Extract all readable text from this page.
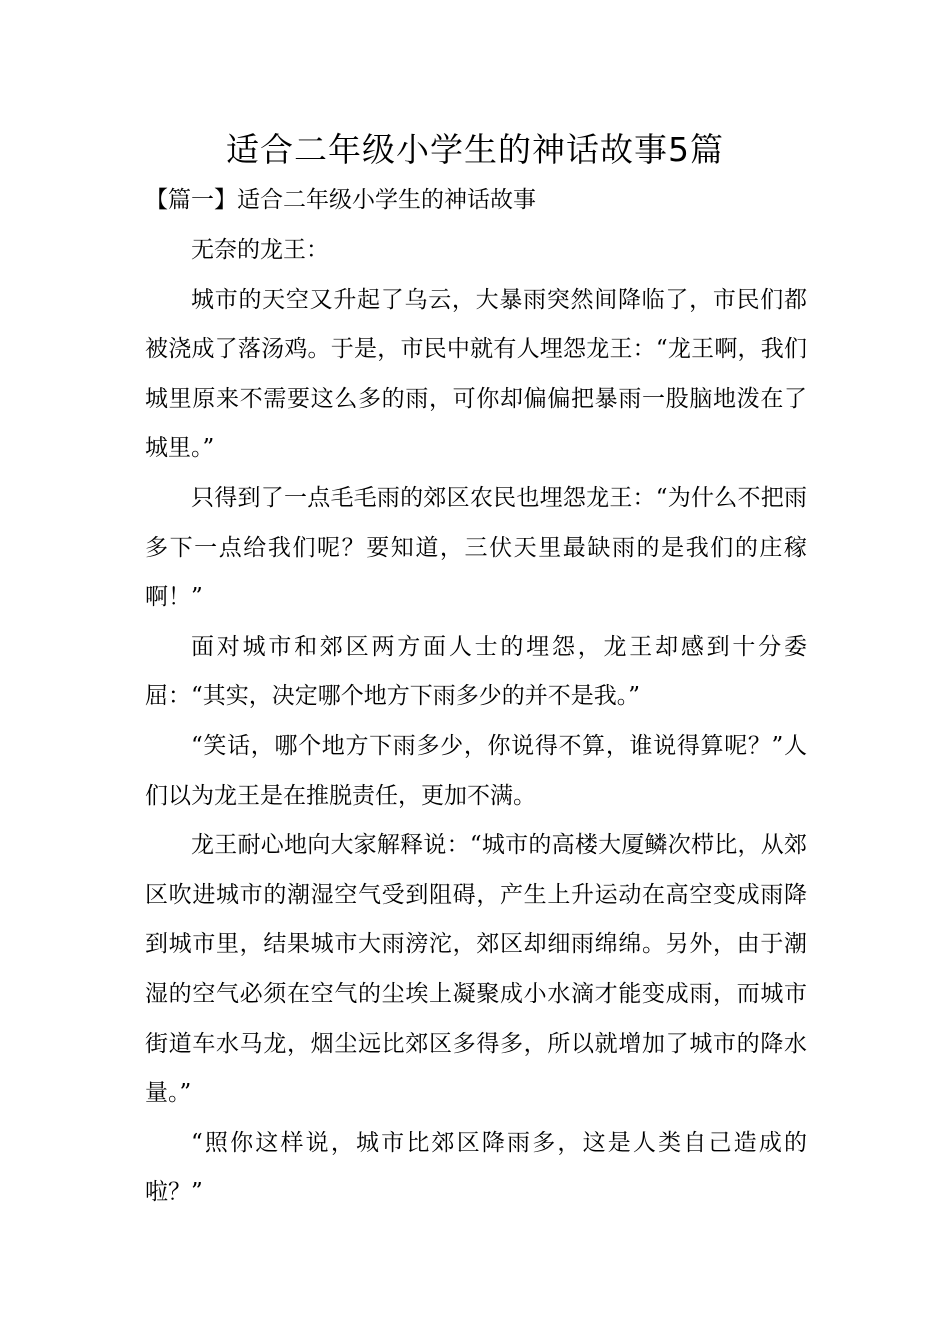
适合二年级小学生的神话故事5篇
【篇一】适合二年级小学生的神话故事

无奈的龙王：

城市的天空又升起了乌云，大暴雨突然间降临了，市民们都被浇成了落汤鸡。于是，市民中就有人埋怨龙王：“龙王啊，我们城里原来不需要这么多的雨，可你却偏偏把暴雨一股脑地泼在了城里。”

只得到了一点毛毛雨的郊区农民也埋怨龙王：“为什么不把雨多下一点给我们呢？要知道，三伏天里最缺雨的是我们的庄稼啊！”

面对城市和郊区两方面人士的埋怨，龙王却感到十分委屈：“其实，决定哪个地方下雨多少的并不是我。”

“笑话，哪个地方下雨多少，你说得不算，谁说得算呢？”人们以为龙王是在推脱责任，更加不满。

龙王耐心地向大家解释说：“城市的高楼大厦鳞次栉比，从郊区吹进城市的潮湿空气受到阻碍，产生上升运动在高空变成雨降到城市里，结果城市大雨滂沱，郊区却细雨绵绵。另外，由于潮湿的空气必须在空气的尘埃上凝聚成小水滴才能变成雨，而城市街道车水马龙，烟尘远比郊区多得多，所以就增加了城市的降水量。”

“照你这样说，城市比郊区降雨多，这是人类自己造成的啦？”
